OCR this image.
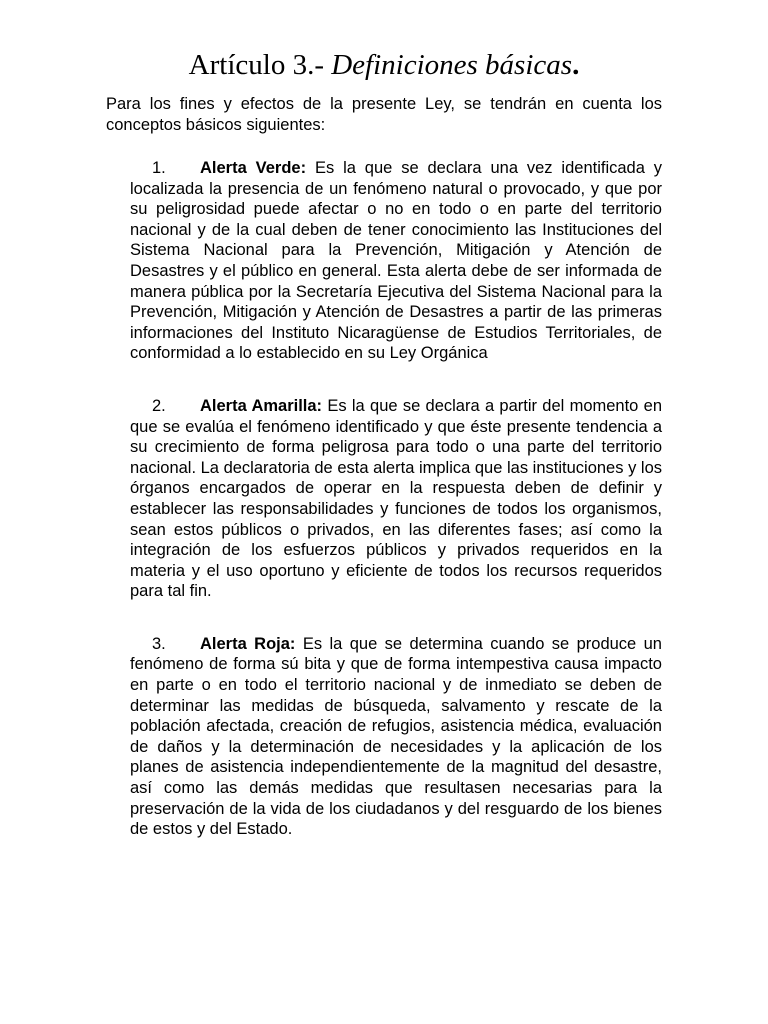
Artículo 3.- Definiciones básicas.

Para los fines y efectos de la presente Ley, se tendrán en cuenta los conceptos básicos siguientes:

1. Alerta Verde: Es la que se declara una vez identificada y localizada la presencia de un fenómeno natural o provocado, y que por su peligrosidad puede afectar o no en todo o en parte del territorio nacional y de la cual deben de tener conocimiento las Instituciones del Sistema Nacional para la Prevención, Mitigación y Atención de Desastres y el público en general. Esta alerta debe de ser informada de manera pública por la Secretaría Ejecutiva del Sistema Nacional para la Prevención, Mitigación y Atención de Desastres a partir de las primeras informaciones del Instituto Nicaragüense de Estudios Territoriales, de conformidad a lo establecido en su Ley Orgánica
2. Alerta Amarilla: Es la que se declara a partir del momento en que se evalúa el fenómeno identificado y que éste presente tendencia a su crecimiento de forma peligrosa para todo o una parte del territorio nacional. La declaratoria de esta alerta implica que las instituciones y los órganos encargados de operar en la respuesta deben de definir y establecer las responsabilidades y funciones de todos los organismos, sean estos públicos o privados, en las diferentes fases; así como la integración de los esfuerzos públicos y privados requeridos en la materia y el uso oportuno y eficiente de todos los recursos requeridos para tal fin.
3. Alerta Roja: Es la que se determina cuando se produce un fenómeno de forma sú bita y que de forma intempestiva causa impacto en parte o en todo el territorio nacional y de inmediato se deben de determinar las medidas de búsqueda, salvamento y rescate de la población afectada, creación de refugios, asistencia médica, evaluación de daños y la determinación de necesidades y la aplicación de los planes de asistencia independientemente de la magnitud del desastre, así como las demás medidas que resultasen necesarias para la preservación de la vida de los ciudadanos y del resguardo de los bienes de estos y del Estado.
